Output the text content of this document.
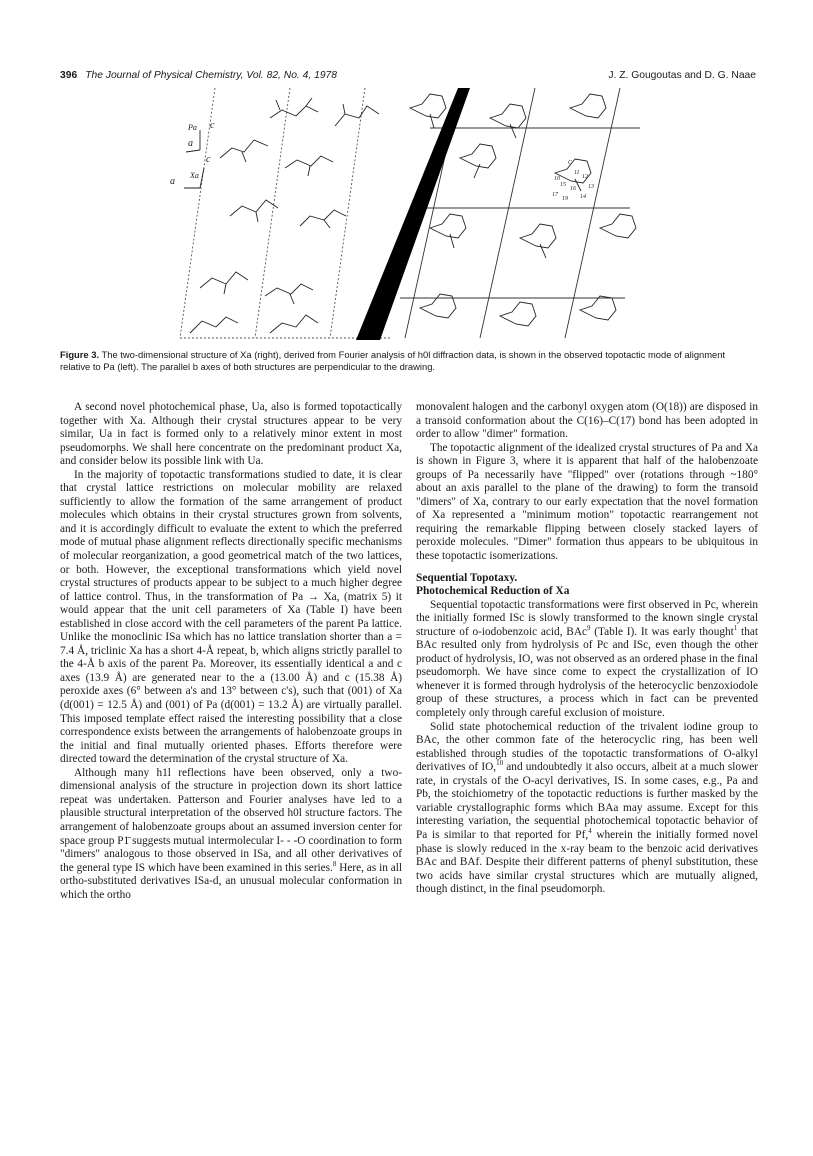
396 The Journal of Physical Chemistry, Vol. 82, No. 4, 1978	J. Z. Gougoutas and D. G. Naae
Pa
a
c
Xa
a
c	C
11
12
10
13
15
16
14
17
19

Figure 3. The two-dimensional structure of Xa (right), derived from Fourier analysis of h0l diffraction data, is shown in the observed topotactic mode of alignment relative to Pa (left). The parallel b axes of both structures are perpendicular to the drawing.

A second novel photochemical phase, Ua, also is formed topotactically together with Xa. Although their crystal structures appear to be very similar, Ua in fact is formed only to a relatively minor extent in most pseudomorphs. We shall here concentrate on the predominant product Xa, and consider below its possible link with Ua.

In the majority of topotactic transformations studied to date, it is clear that crystal lattice restrictions on molecular mobility are relaxed sufficiently to allow the formation of the same arrangement of product molecules which obtains in their crystal structures grown from solvents, and it is accordingly difficult to evaluate the extent to which the preferred mode of mutual phase alignment reflects directionally specific mechanisms of molecular reorganization, a good geometrical match of the two lattices, or both. However, the exceptional transformations which yield novel crystal structures of products appear to be subject to a much higher degree of lattice control. Thus, in the transformation of Pa → Xa, (matrix 5) it would appear that the unit cell parameters of Xa (Table I) have been established in close accord with the cell parameters of the parent Pa lattice. Unlike the monoclinic ISa which has no lattice translation shorter than a = 7.4 Å, triclinic Xa has a short 4-Å repeat, b, which aligns strictly parallel to the 4-Å b axis of the parent Pa. Moreover, its essentially identical a and c axes (13.9 Å) are generated near to the a (13.00 Å) and c (15.38 Å) peroxide axes (6° between a's and 13° between c's), such that (001) of Xa (d(001) = 12.5 Å) and (001) of Pa (d(001) = 13.2 Å) are virtually parallel. This imposed template effect raised the interesting possibility that a close correspondence exists between the arrangements of halobenzoate groups in the initial and final mutually oriented phases. Efforts therefore were directed toward the determination of the crystal structure of Xa.

Although many h1l reflections have been observed, only a two-dimensional analysis of the structure in projection down its short lattice repeat was undertaken. Patterson and Fourier analyses have led to a plausible structural interpretation of the observed h0l structure factors. The arrangement of halobenzoate groups about an assumed inversion center for space group P1̄ suggests mutual intermolecular I- - -O coordination to form "dimers" analogous to those observed in ISa, and all other derivatives of the general type IS which have been examined in this series.$^8$ Here, as in all ortho-substituted derivatives ISa-d, an unusual molecular conformation in which the ortho

monovalent halogen and the carbonyl oxygen atom (O(18)) are disposed in a transoid conformation about the C(16)–C(17) bond has been adopted in order to allow "dimer" formation.

The topotactic alignment of the idealized crystal structures of Pa and Xa is shown in Figure 3, where it is apparent that half of the halobenzoate groups of Pa necessarily have "flipped" over (rotations through ~180° about an axis parallel to the plane of the drawing) to form the transoid "dimers" of Xa, contrary to our early expectation that the novel formation of Xa represented a "minimum motion" topotactic rearrangement not requiring the remarkable flipping between closely stacked layers of peroxide molecules. "Dimer" formation thus appears to be ubiquitous in these topotactic isomerizations.

Sequential Topotaxy.
Photochemical Reduction of Xa

Sequential topotactic transformations were first observed in Pc, wherein the initially formed ISc is slowly transformed to the known single crystal structure of o-iodobenzoic acid, BAc$^9$ (Table I). It was early thought$^1$ that BAc resulted only from hydrolysis of Pc and ISc, even though the other product of hydrolysis, IO, was not observed as an ordered phase in the final pseudomorph. We have since come to expect the crystallization of IO whenever it is formed through hydrolysis of the heterocyclic benzoxiodole group of these structures, a process which in fact can be prevented completely only through careful exclusion of moisture.

Solid state photochemical reduction of the trivalent iodine group to BAc, the other common fate of the heterocyclic ring, has been well established through studies of the topotactic transformations of O-alkyl derivatives of IO,$^{10}$ and undoubtedly it also occurs, albeit at a much slower rate, in crystals of the O-acyl derivatives, IS. In some cases, e.g., Pa and Pb, the stoichiometry of the topotactic reductions is further masked by the variable crystallographic forms which BAa may assume. Except for this interesting variation, the sequential photochemical topotactic behavior of Pa is similar to that reported for Pf,$^4$ wherein the initially formed novel phase is slowly reduced in the x-ray beam to the benzoic acid derivatives BAc and BAf. Despite their different patterns of phenyl substitution, these two acids have similar crystal structures which are mutually aligned, though distinct, in the final pseudomorph.
